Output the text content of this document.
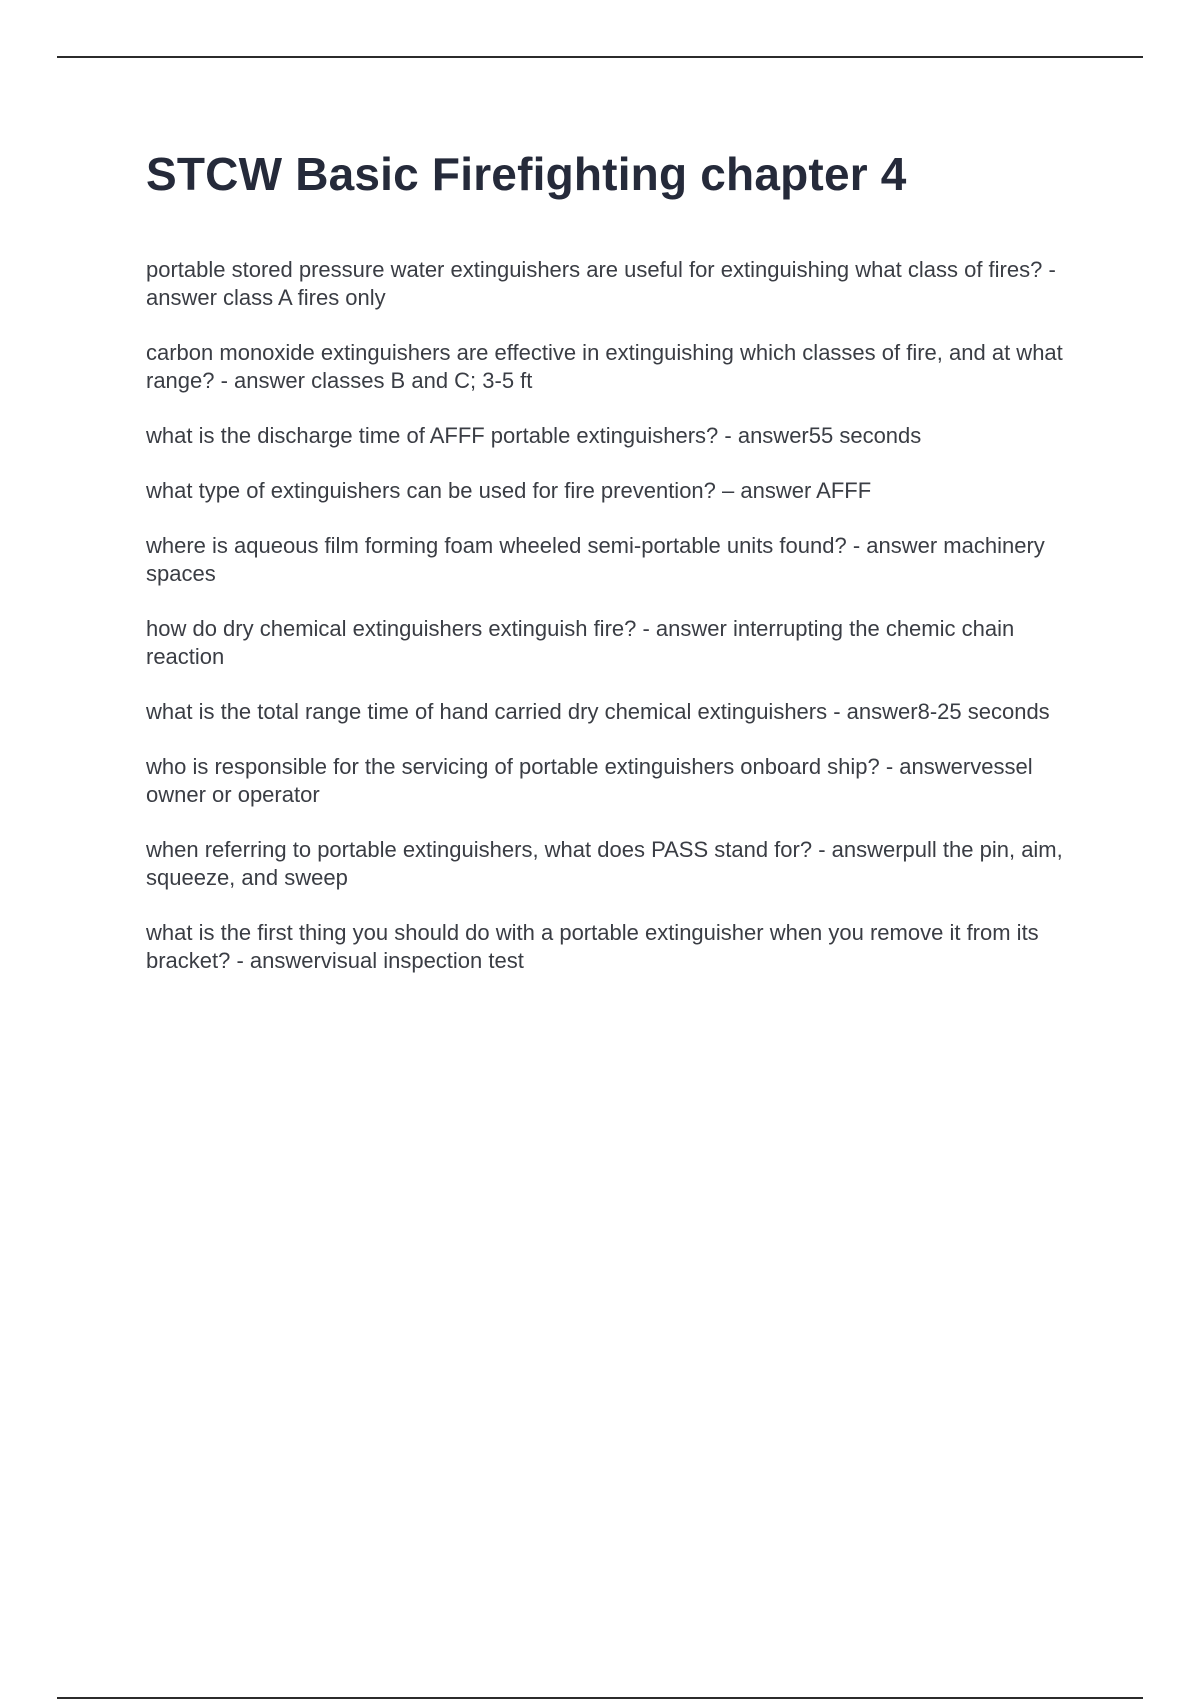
STCW Basic Firefighting chapter 4
portable stored pressure water extinguishers are useful for extinguishing what class of fires? - answer class A fires only
carbon monoxide extinguishers are effective in extinguishing which classes of fire, and at what range? - answer classes B and C; 3-5 ft
what is the discharge time of AFFF portable extinguishers? - answer55 seconds
what type of extinguishers can be used for fire prevention? – answer AFFF
where is aqueous film forming foam wheeled semi-portable units found? - answer machinery spaces
how do dry chemical extinguishers extinguish fire? - answer interrupting the chemic chain reaction
what is the total range time of hand carried dry chemical extinguishers - answer8-25 seconds
who is responsible for the servicing of portable extinguishers onboard ship? - answervessel owner or operator
when referring to portable extinguishers, what does PASS stand for? - answerpull the pin, aim, squeeze, and sweep
what is the first thing you should do with a portable extinguisher when you remove it from its bracket? - answervisual inspection test
